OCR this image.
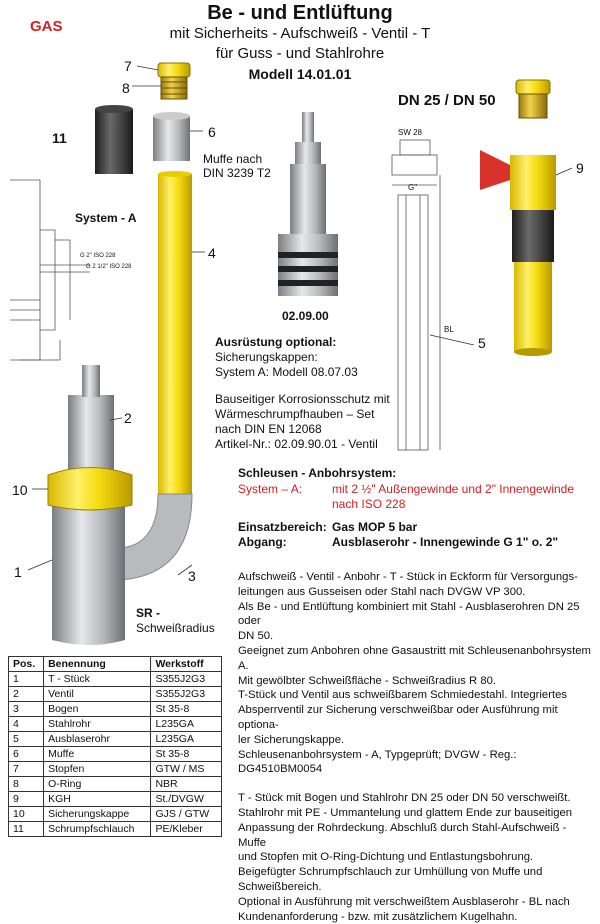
GAS
Be - und Entlüftung
mit Sicherheits - Aufschweiß - Ventil - T
für Guss - und Stahlrohre
Modell 14.01.01
DN 25 / DN 50
7
8
11	6
Muffe nach
DIN 3239 T2
System - A
G 2" ISO 228
G 2 1/2" ISO 228
4
02.09.00
SW 28
G"
BL
9
5
2
10
1	3
SR -
Schweißradius
Ausrüstung optional:
Sicherungskappen:
System A: Modell 08.07.03
Bauseitiger Korrosionsschutz mit
Wärmeschrumpfhauben – Set
nach DIN EN 12068
Artikel-Nr.: 02.09.90.01 - Ventil
Schleusen - Anbohrsystem:
System – A: mit 2 ½" Außengewinde und 2" Innengewinde
nach ISO 228
Einsatzbereich: Gas MOP 5 bar
Abgang:	Ausblaserohr - Innengewinde G 1" o. 2"
Aufschweiß - Ventil - Anbohr - T - Stück in Eckform für Versorgungs-
leitungen aus Gusseisen oder Stahl nach DVGW VP 300.
Als Be - und Entlüftung kombiniert mit Stahl - Ausblaserohren DN 25 oder
DN 50.
Geeignet zum Anbohren ohne Gasaustritt mit Schleusenanbohrsystem A.
Mit gewölbter Schweißfläche - Schweißradius R 80.
T-Stück und Ventil aus schweißbarem Schmiedestahl. Integriertes
Absperrventil zur Sicherung verschweißbar oder Ausführung mit optiona-
ler Sicherungskappe.
Schleusenanbohrsystem - A, Typgeprüft; DVGW - Reg.: DG4510BM0054
T - Stück mit Bogen und Stahlrohr DN 25 oder DN 50 verschweißt.
Stahlrohr mit PE - Ummantelung und glattem Ende zur bauseitigen
Anpassung der Rohrdeckung. Abschluß durch Stahl-Aufschweiß - Muffe
und Stopfen mit O-Ring-Dichtung und Entlastungsbohrung.
Beigefügter Schrumpfschlauch zur Umhüllung von Muffe und
Schweißbereich.
Optional in Ausführung mit verschweißtem Ausblaserohr - BL nach
Kundenanforderung - bzw. mit zusätzlichem Kugelhahn.
Pos.	Benennung	Werkstoff
1	T - Stück	S355J2G3
2	Ventil	S355J2G3
3	Bogen	St 35-8
4	Stahlrohr	L235GA
5	Ausblaserohr	L235GA
6	Muffe	St 35-8
7	Stopfen	GTW / MS
8	O-Ring	NBR
9	KGH	St./DVGW
10	Sicherungskappe	GJS / GTW
11	Schrumpfschlauch	PE/Kleber
